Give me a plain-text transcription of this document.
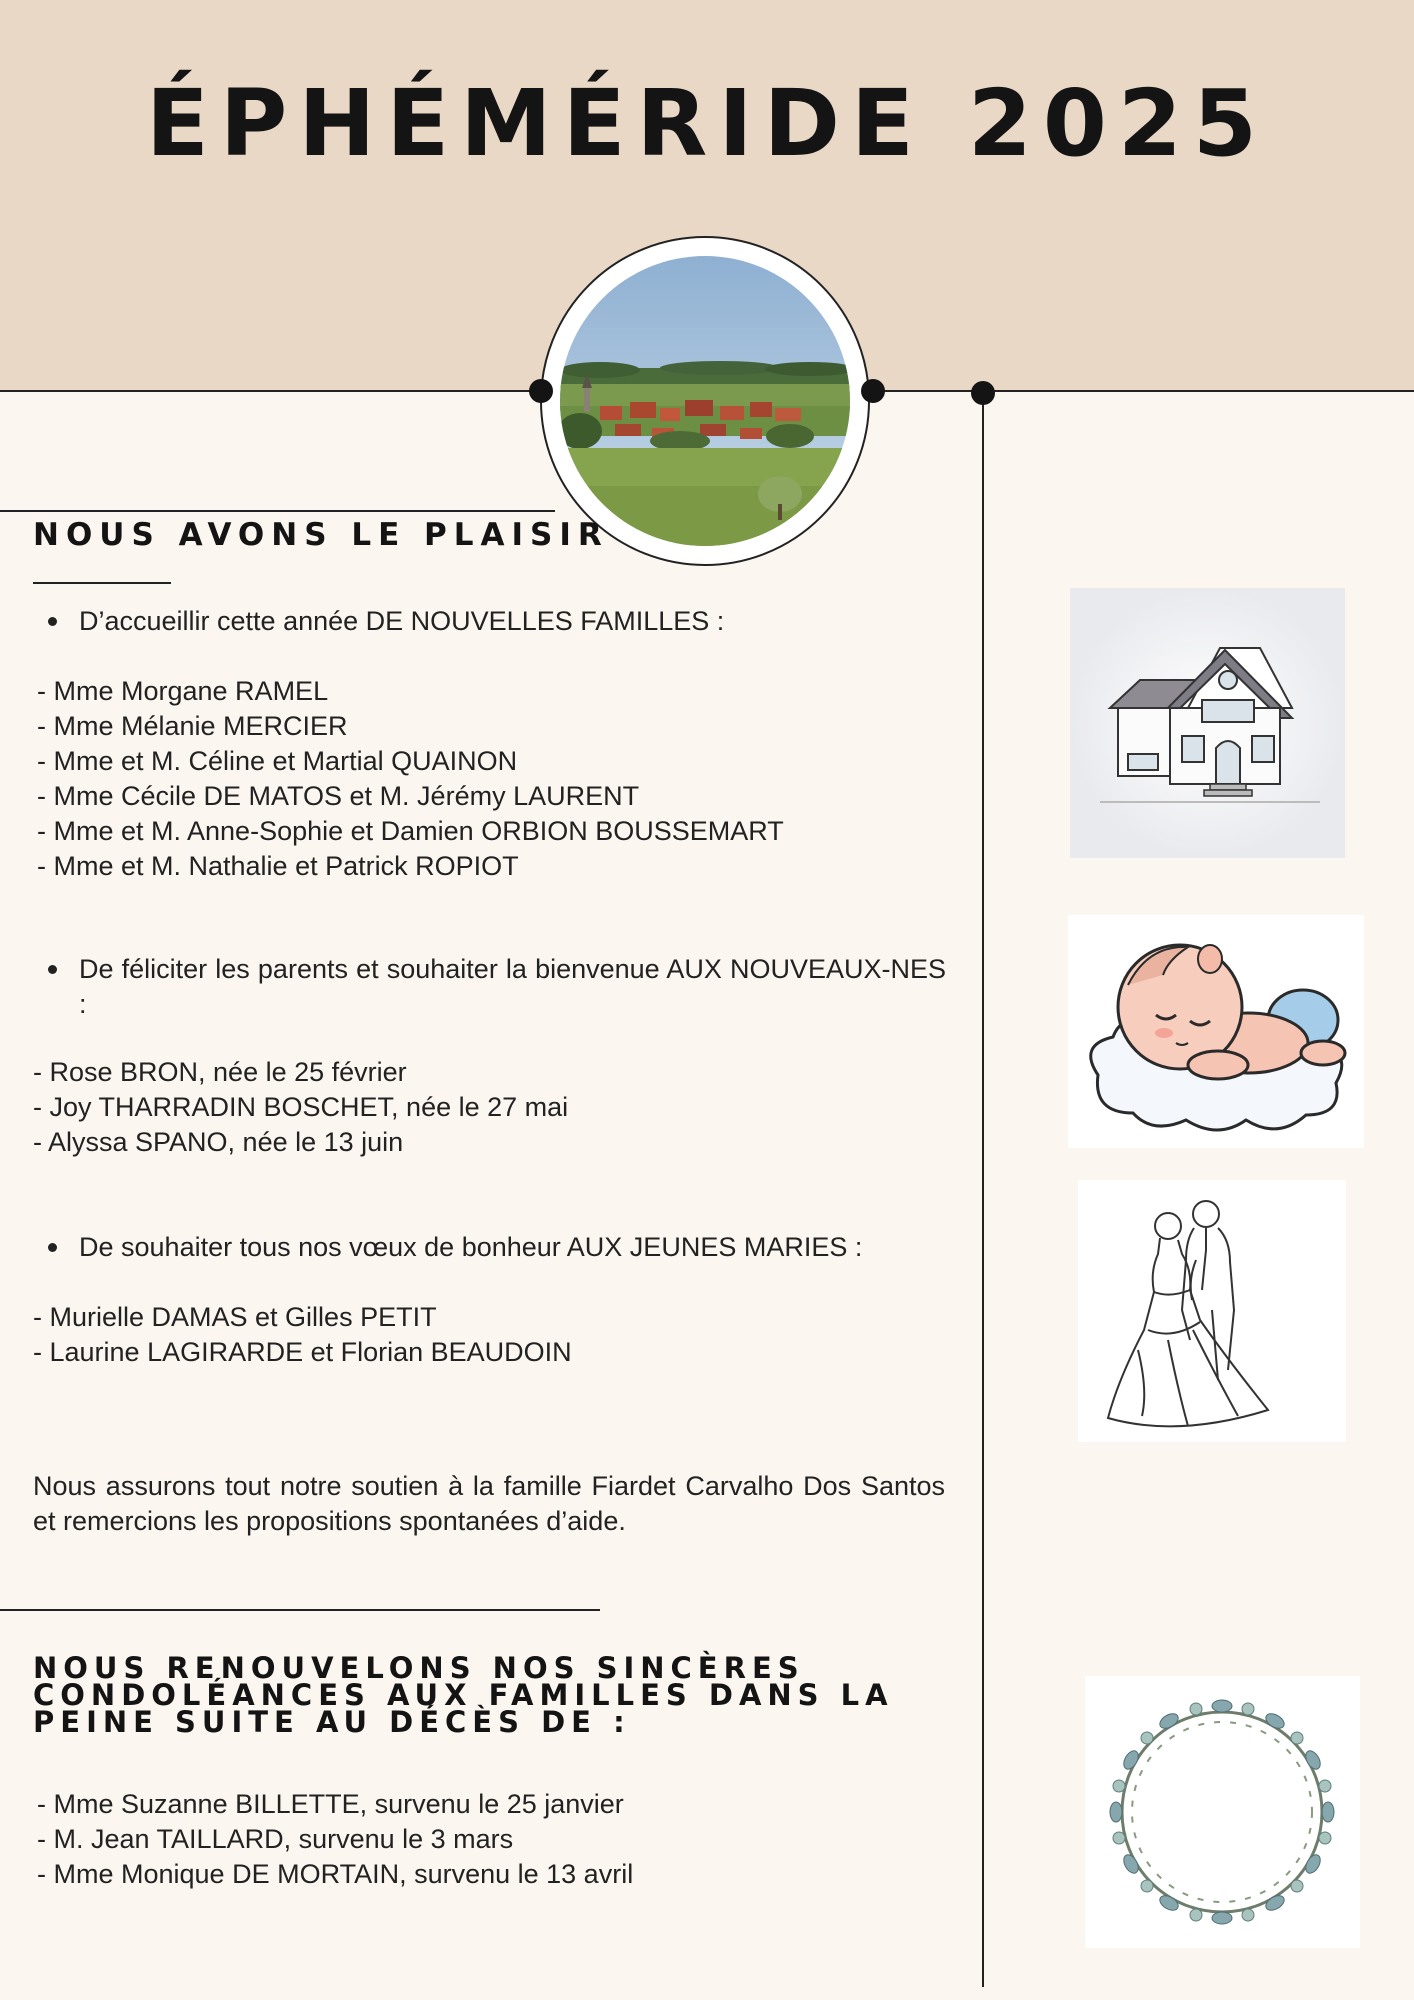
ÉPHÉMÉRIDE 2025
NOUS AVONS LE PLAISIR
D’accueillir cette année DE NOUVELLES FAMILLES :
- Mme Morgane RAMEL
- Mme Mélanie MERCIER
- Mme et M. Céline et Martial QUAINON
- Mme Cécile DE MATOS et M. Jérémy LAURENT
- Mme et M. Anne-Sophie et Damien ORBION BOUSSEMART
- Mme et M. Nathalie et Patrick ROPIOT
De féliciter les parents et souhaiter la bienvenue AUX NOUVEAUX-NES :
- Rose BRON, née le 25 février
- Joy THARRADIN BOSCHET, née le 27 mai
- Alyssa SPANO, née le 13 juin
De souhaiter tous nos vœux de bonheur AUX JEUNES MARIES :
- Murielle DAMAS et Gilles PETIT
- Laurine LAGIRARDE et Florian BEAUDOIN

Nous assurons tout notre soutien à la famille Fiardet Carvalho Dos Santos et remercions les propositions spontanées d’aide.

NOUS RENOUVELONS NOS SINCÈRES CONDOLÉANCES AUX FAMILLES DANS LA PEINE SUITE AU DÉCÈS DE :
- Mme Suzanne BILLETTE, survenu le 25 janvier
- M. Jean TAILLARD, survenu le 3 mars
- Mme Monique DE MORTAIN, survenu le 13 avril
